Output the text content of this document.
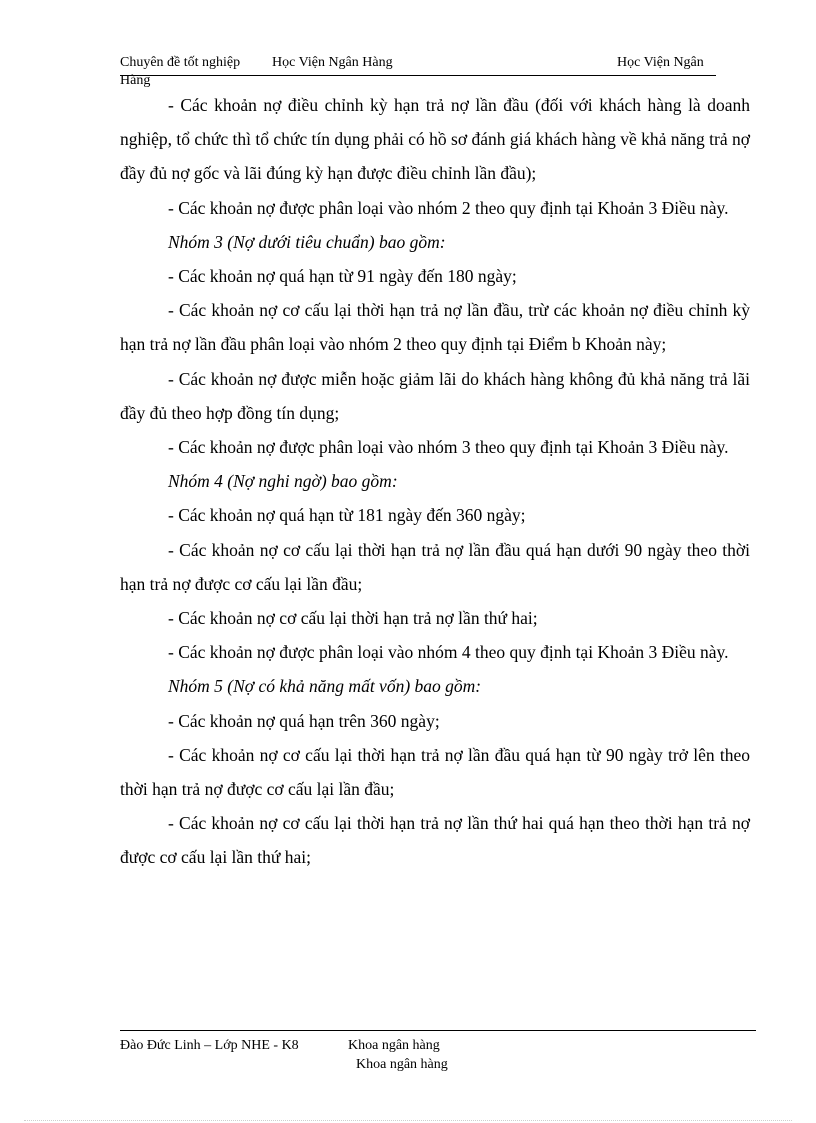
Chuyên đề tốt nghiệp Học Viện Ngân Hàng	Học Viện Ngân
Hàng

- Các khoản nợ điều chỉnh kỳ hạn trả nợ lần đầu (đối với khách hàng là doanh nghiệp, tổ chức thì tổ chức tín dụng phải có hồ sơ đánh giá khách hàng về khả năng trả nợ đầy đủ nợ gốc và lãi đúng kỳ hạn được điều chỉnh lần đầu);

- Các khoản nợ được phân loại vào nhóm 2 theo quy định tại Khoản 3 Điều này.

Nhóm 3 (Nợ dưới tiêu chuẩn) bao gồm:

- Các khoản nợ quá hạn từ 91 ngày đến 180 ngày;

- Các khoản nợ cơ cấu lại thời hạn trả nợ lần đầu, trừ các khoản nợ điều chỉnh kỳ hạn trả nợ lần đầu phân loại vào nhóm 2 theo quy định tại Điểm b Khoản này;

- Các khoản nợ được miễn hoặc giảm lãi do khách hàng không đủ khả năng trả lãi đầy đủ theo hợp đồng tín dụng;

- Các khoản nợ được phân loại vào nhóm 3 theo quy định tại Khoản 3 Điều này.

Nhóm 4 (Nợ nghi ngờ) bao gồm:

- Các khoản nợ quá hạn từ 181 ngày đến 360 ngày;

- Các khoản nợ cơ cấu lại thời hạn trả nợ lần đầu quá hạn dưới 90 ngày theo thời hạn trả nợ được cơ cấu lại lần đầu;

- Các khoản nợ cơ cấu lại thời hạn trả nợ lần thứ hai;

- Các khoản nợ được phân loại vào nhóm 4 theo quy định tại Khoản 3 Điều này.

Nhóm 5 (Nợ có khả năng mất vốn) bao gồm:

- Các khoản nợ quá hạn trên 360 ngày;

- Các khoản nợ cơ cấu lại thời hạn trả nợ lần đầu quá hạn từ 90 ngày trở lên theo thời hạn trả nợ được cơ cấu lại lần đầu;

- Các khoản nợ cơ cấu lại thời hạn trả nợ lần thứ hai quá hạn theo thời hạn trả nợ được cơ cấu lại lần thứ hai;

Đào Đức Linh – Lớp NHE - K8	Khoa ngân hàng
Khoa ngân hàng
